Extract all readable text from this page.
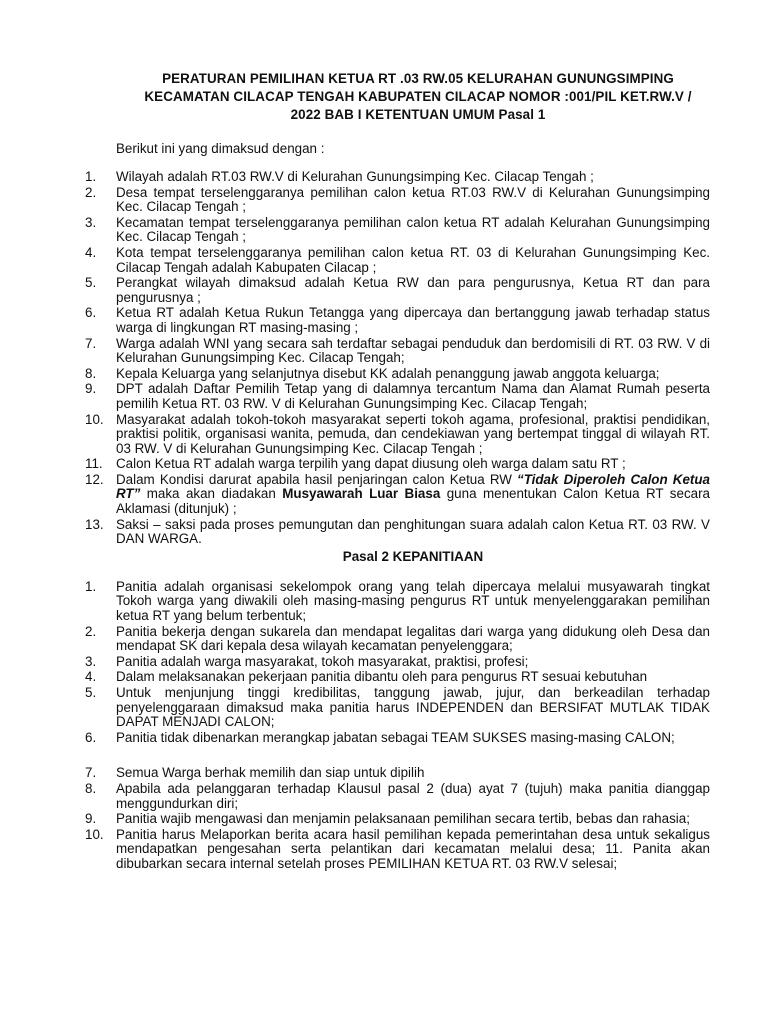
PERATURAN PEMILIHAN KETUA RT .03 RW.05 KELURAHAN GUNUNGSIMPING
KECAMATAN CILACAP TENGAH KABUPATEN CILACAP NOMOR :001/PIL KET.RW.V /
2022 BAB I KETENTUAN UMUM Pasal 1
Berikut ini yang dimaksud dengan :
1. Wilayah adalah RT.03 RW.V di Kelurahan Gunungsimping Kec. Cilacap Tengah ;
2. Desa tempat terselenggaranya pemilihan calon ketua RT.03 RW.V di Kelurahan Gunungsimping Kec. Cilacap Tengah ;
3. Kecamatan tempat terselenggaranya pemilihan calon ketua RT adalah Kelurahan Gunungsimping Kec. Cilacap Tengah ;
4. Kota tempat terselenggaranya pemilihan calon ketua RT. 03 di Kelurahan Gunungsimping Kec. Cilacap Tengah adalah Kabupaten Cilacap ;
5. Perangkat wilayah dimaksud adalah Ketua RW dan para pengurusnya, Ketua RT dan para pengurusnya ;
6. Ketua RT adalah Ketua Rukun Tetangga yang dipercaya dan bertanggung jawab terhadap status warga di lingkungan RT masing-masing ;
7. Warga adalah WNI yang secara sah terdaftar sebagai penduduk dan berdomisili di RT. 03 RW. V di Kelurahan Gunungsimping Kec. Cilacap Tengah;
8. Kepala Keluarga yang selanjutnya disebut KK adalah penanggung jawab anggota keluarga;
9. DPT adalah Daftar Pemilih Tetap yang di dalamnya tercantum Nama dan Alamat Rumah peserta pemilih Ketua RT. 03 RW. V di Kelurahan Gunungsimping Kec. Cilacap Tengah;
10. Masyarakat adalah tokoh-tokoh masyarakat seperti tokoh agama, profesional, praktisi pendidikan, praktisi politik, organisasi wanita, pemuda, dan cendekiawan yang bertempat tinggal di wilayah RT. 03 RW. V di Kelurahan Gunungsimping Kec. Cilacap Tengah ;
11. Calon Ketua RT adalah warga terpilih yang dapat diusung oleh warga dalam satu RT ;
12. Dalam Kondisi darurat apabila hasil penjaringan calon Ketua RW “Tidak Diperoleh Calon Ketua RT” maka akan diadakan Musyawarah Luar Biasa guna menentukan Calon Ketua RT secara Aklamasi (ditunjuk) ;
13. Saksi – saksi pada proses pemungutan dan penghitungan suara adalah calon Ketua RT. 03 RW. V DAN WARGA.
Pasal 2 KEPANITIAAN
1. Panitia adalah organisasi sekelompok orang yang telah dipercaya melalui musyawarah tingkat Tokoh warga yang diwakili oleh masing-masing pengurus RT untuk menyelenggarakan pemilihan ketua RT yang belum terbentuk;
2. Panitia bekerja dengan sukarela dan mendapat legalitas dari warga yang didukung oleh Desa dan mendapat SK dari kepala desa wilayah kecamatan penyelenggara;
3. Panitia adalah warga masyarakat, tokoh masyarakat, praktisi, profesi;
4. Dalam melaksanakan pekerjaan panitia dibantu oleh para pengurus RT sesuai kebutuhan
5. Untuk menjunjung tinggi kredibilitas, tanggung jawab, jujur, dan berkeadilan terhadap penyelenggaraan dimaksud maka panitia harus INDEPENDEN dan BERSIFAT MUTLAK TIDAK DAPAT MENJADI CALON;
6. Panitia tidak dibenarkan merangkap jabatan sebagai TEAM SUKSES masing-masing CALON;
7. Semua Warga berhak memilih dan siap untuk dipilih
8. Apabila ada pelanggaran terhadap Klausul pasal 2 (dua) ayat 7 (tujuh) maka panitia dianggap menggundurkan diri;
9. Panitia wajib mengawasi dan menjamin pelaksanaan pemilihan secara tertib, bebas dan rahasia;
10. Panitia harus Melaporkan berita acara hasil pemilihan kepada pemerintahan desa untuk sekaligus mendapatkan pengesahan serta pelantikan dari kecamatan melalui desa; 11. Panita akan dibubarkan secara internal setelah proses PEMILIHAN KETUA RT. 03 RW.V selesai;
